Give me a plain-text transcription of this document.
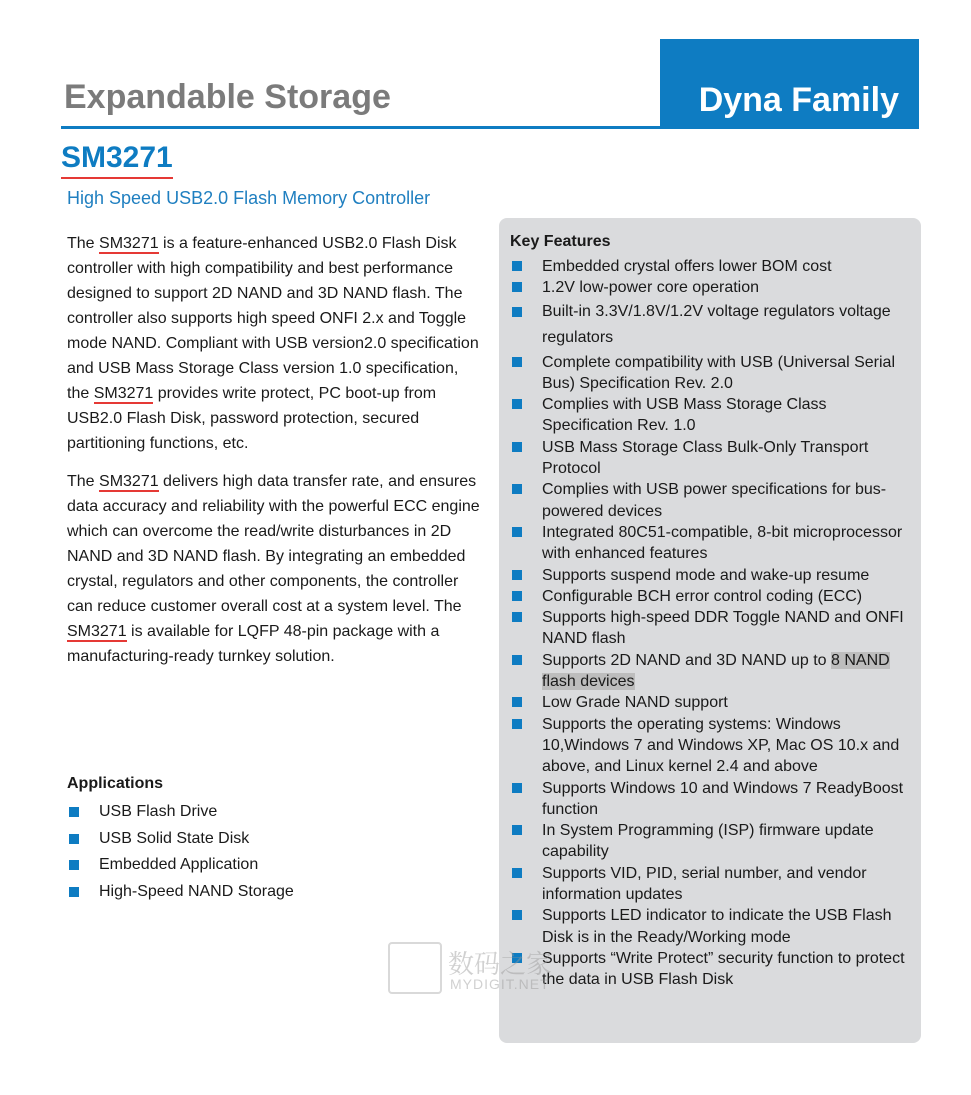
Expandable Storage	Dyna Family
SM3271
High Speed USB2.0 Flash Memory Controller

The SM3271 is a feature-enhanced USB2.0 Flash Disk controller with high compatibility and best performance designed to support 2D NAND and 3D NAND flash. The controller also supports high speed ONFI 2.x and Toggle mode NAND. Compliant with USB version2.0 specification and USB Mass Storage Class version 1.0 specification, the SM3271 provides write protect, PC boot-up from USB2.0 Flash Disk, password protection, secured partitioning functions, etc.

The SM3271 delivers high data transfer rate, and ensures data accuracy and reliability with the powerful ECC engine which can overcome the read/write disturbances in 2D NAND and 3D NAND flash. By integrating an embedded crystal, regulators and other components, the controller can reduce customer overall cost at a system level. The SM3271 is available for LQFP 48-pin package with a manufacturing-ready turnkey solution.

Applications
USB Flash Drive
USB Solid State Disk
Embedded Application
High-Speed NAND Storage
Key Features
Embedded crystal offers lower BOM cost
1.2V low-power core operation
Built-in 3.3V/1.8V/1.2V voltage regulators voltage regulators
Complete compatibility with USB (Universal Serial Bus) Specification Rev. 2.0
Complies with USB Mass Storage Class Specification Rev. 1.0
USB Mass Storage Class Bulk-Only Transport Protocol
Complies with USB power specifications for bus-powered devices
Integrated 80C51-compatible, 8-bit microprocessor with enhanced features
Supports suspend mode and wake-up resume
Configurable BCH error control coding (ECC)
Supports high-speed DDR Toggle NAND and ONFI NAND flash
Supports 2D NAND and 3D NAND up to 8 NAND flash devices
Low Grade NAND support
Supports the operating systems: Windows 10,Windows 7 and Windows XP, Mac OS 10.x and above, and Linux kernel 2.4 and above
Supports Windows 10 and Windows 7 ReadyBoost function
In System Programming (ISP) firmware update capability
Supports VID, PID, serial number, and vendor information updates
Supports LED indicator to indicate the USB Flash Disk is in the Ready/Working mode
Supports “Write Protect” security function to protect the data in USB Flash Disk
数码之家
MYDIGIT.NET
